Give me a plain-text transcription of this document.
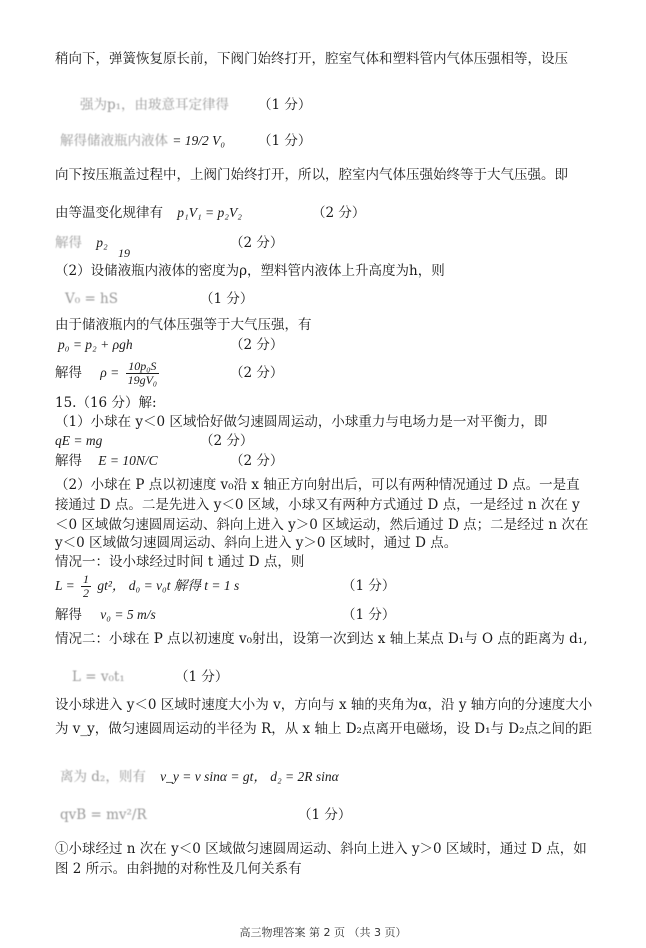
稍向下，弹簧恢复原长前，下阀门始终打开，腔室气体和塑料管内气体压强相等，设压
强为p₁，由玻意耳定律得 （1 分）
解得储液瓶内液体 = 19/2 V₀ （1 分）
向下按压瓶盖过程中，上阀门始终打开，所以，腔室内气体压强始终等于大气压强。即
由等温变化规律有 p₁V₁ = p₂V₂	（2 分）
解得 p₂
19
（2 分）
（2）设储液瓶内液体的密度为ρ，塑料管内液体上升高度为h，则
V₀ = hS	（1 分）
由于储液瓶内的气体压强等于大气压强，有
p₀ = p₂ + ρgh	（2 分）
解得 $\rho = \frac{\text{10p₀S}}{\text{19gV₀}}$	（2 分）
15.（16 分）解:
（1）小球在 y＜0 区域恰好做匀速圆周运动，小球重力与电场力是一对平衡力，即
qE = mg	（2 分）
解得 E = 10N/C	（2 分）
（2）小球在 P 点以初速度 v₀沿 x 轴正方向射出后，可以有两种情况通过 D 点。一是直
接通过 D 点。二是先进入 y＜0 区域，小球又有两种方式通过 D 点，一是经过 n 次在 y
＜0 区域做匀速圆周运动、斜向上进入 y＞0 区域运动，然后通过 D 点；二是经过 n 次在
y＜0 区域做匀速圆周运动、斜向上进入 y＞0 区域时，通过 D 点。
情况一：设小球经过时间 t 通过 D 点，则
$L = \frac{1}{2} gt^2$， d₀ = v₀t 解得 t = 1 s	（1 分）
解得 v₀ = 5 m/s	（1 分）
情况二：小球在 P 点以初速度 v₀射出，设第一次到达 x 轴上某点 D₁与 O 点的距离为 d₁,
L = v₀t₁	（1 分）
设小球进入 y＜0 区域时速度大小为 v，方向与 x 轴的夹角为α，沿 y 轴方向的分速度大小
为 v_y，做匀速圆周运动的半径为 R，从 x 轴上 D₂点离开电磁场，设 D₁与 D₂点之间的距
离为 d₂，则有 v_y = v sinα = gt， d₂ = 2R sinα
qvB = mv²/R	（1 分）
①小球经过 n 次在 y＜0 区域做匀速圆周运动、斜向上进入 y＞0 区域时，通过 D 点，如
图 2 所示。由斜抛的对称性及几何关系有
高三物理答案 第 2 页 （共 3 页）
